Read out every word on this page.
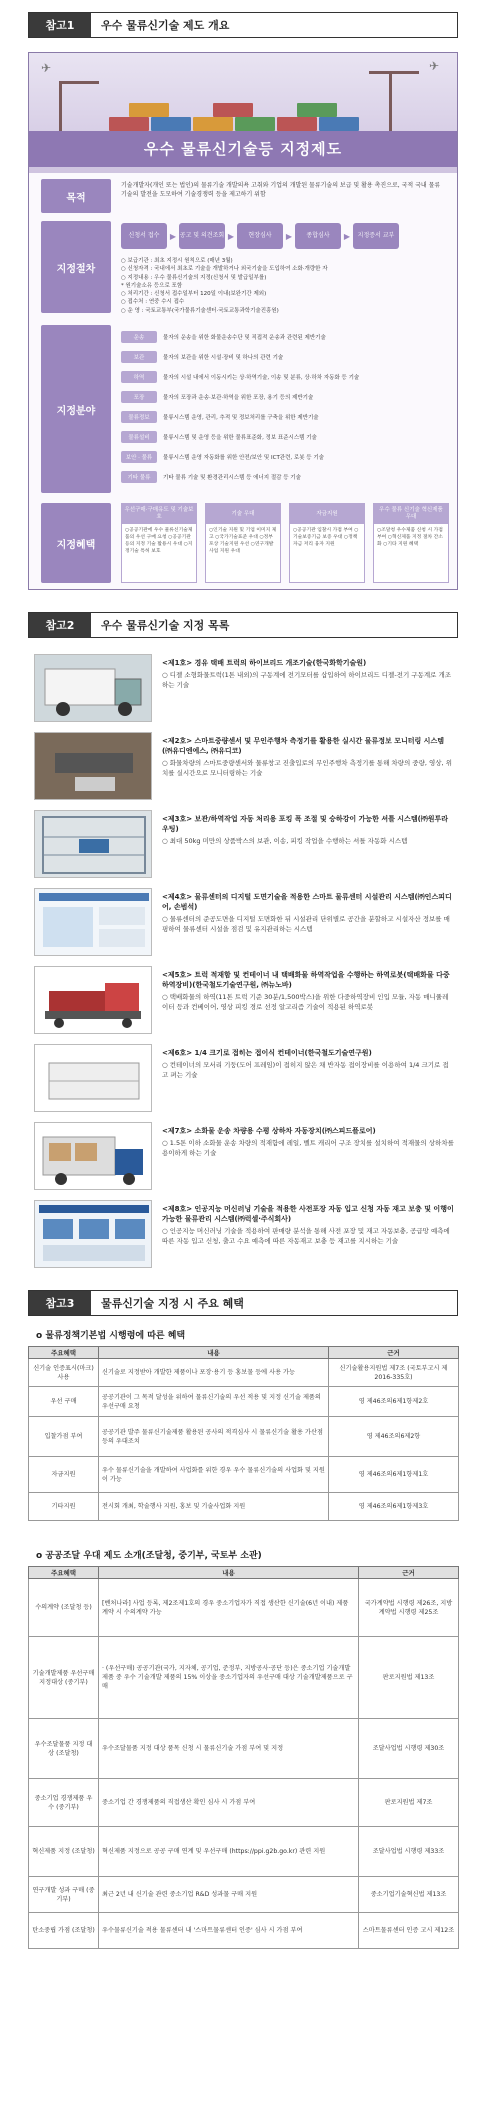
참고1	우수 물류신기술 제도 개요
✈	✈
우수 물류신기술등 지정제도
목적
기술개발자(개인 또는 법인)의 물류기술 개발의욕 고취와 기업의 개발된 물류기술의 보급 및 활용 촉진으로, 국적 국내 물류 기술의 발전을 도모하여 기술경쟁력 등을 제고하기 위함
지정절차
신청서 접수	▶ 공고 및 의견조회 ▶	현장심사	▶	종합심사	▶	지정증서 교부
○ 보급기관 : 최초 지정시 원칙으로 (매년 3월)
○ 신청자격 : 국내에서 최초로 기술을 개발하거나 외국기술을 도입하여 소화·개량한 자
○ 지정내용 : 우수 물류신기술의 지정(신청서 및 발급일부를)
* 원기술소유 등으로 포함
○ 처리기간 : 신청서 접수일부터 120일 이내(보완기간 제외)
○ 접수처 : 연중 수시 접수
○ 운 영 : 국토교통부(국가물류기술센터·국토교통과학기술진흥원)
지정분야
운송	물자의 운송을 위한 화물운송수단 및 직접적 운송과 관련된 제반기술
보관	물자의 보관을 위한 시설·장비 및 하나의 관련 기술
하역	물자의 시설 내에서 이동시키는 상·하역기술, 이송 및 분류, 상·하차 자동화 등 기술
포장	물자의 포장과 운송·보관·하역을 위한 포장, 용기 등의 제반기술
물류정보	물류시스템 운영, 관리, 추적 및 정보처리를 구축을 위한 제반기술
물류설비	물류시스템 및 운영 등을 위한 물류표준화, 정보 표준시스템 기술
보안 · 물류	물류시스템 운영 자동화를 위한 안전/보안 및 ICT관련, 로봇 등 기술
기타 물류	기타 물류 기술 및 환경관리시스템 등 에너지 절감 등 기술
지정혜택
우선구매·구매유도 및 기술보호
○공공기관에 우수 물류신기술제품의 우선 구매 요청 ○공공기관 등의 지정 기술 활용시 우대 ○지정기술 특허 보호
기술 우대
○인기술 지원 및 기업 이미지 제고 ○국가기술표준 우대 ○정부포상 기술지원 우선 ○연구개발 사업 지원 우대
자금지원
○공공기관 입찰시 가점 부여 ○기술보증기금 보증 우대 ○정책자금 저리 융자 지원
우수 물류 신기술 혁신제품 우대
○조달청 우수제품 신청 시 가점 부여 ○혁신제품 지정 절차 간소화 ○기타 지원 혜택
참고2	우수 물류신기술 지정 목록
<제1호> 경유 택배 트럭의 하이브리드 개조기술(한국화학기술원)
○ 디젤 소형화물트럭(1톤 내외)의 구동계에 전기모터를 삽입하여 하이브리드 디젤-전기 구동계로 개조하는 기술
<제2호> 스마트중량센서 및 무인주행차 측정기를 활용한 실시간 물류정보 모니터링 시스템(㈜유디엔에스, ㈜유디코)
○ 화물차량의 스마트중량센서와 물류창고 진출입로의 무인주행차 측정기를 통해 차량의 중량, 영상, 위치를 실시간으로 모니터링하는 기술
<제3호> 보관/하역작업 자동 처리용 포킹 폭 조절 및 승하강이 가능한 셔틀 시스템(㈜원투라우팅)
○ 최대 50kg 미만의 상품박스의 보관, 이송, 피킹 작업을 수행하는 셔틀 자동화 시스템
<제4호> 물류센터의 디지털 도면기술을 적용한 스마트 물류센터 시설관리 시스템(㈜인스피디어, 손범석)
○ 물류센터의 준공도면을 디지털 도면화한 뒤 시설관리 단위별로 공간을 분할하고 시설자산 정보를 매핑하여 물류센터 시설을 점검 및 유지관리하는 시스템
<제5호> 트럭 적재함 및 컨테이너 내 택배화물 하역작업을 수행하는 하역로봇(택배화물 다중하역장비)(한국철도기술연구원, ㈜뉴노바)
○ 택배화물의 하역(11톤 트럭 기준 30분/1,500박스)을 위한 다중하역장비 인입 모듈, 자동 매니퓰레이터 등과 컨베이어, 영상 피킹 경로 선정 알고리즘 기술이 적용된 하역로봇
<제6호> 1/4 크기로 접히는 접이식 컨테이너(한국철도기술연구원)
○ 컨테이너의 모서리 기둥(도어 프레임)이 접히지 않은 채 반자동 접이장비를 이용하여 1/4 크기로 접고 펴는 기술
<제7호> 소화물 운송 차량용 수평 상하차 자동장치(㈜스피드플로어)
○ 1.5톤 이하 소화물 운송 차량의 적재함에 레일, 벨트 캐리어 구조 장치를 설치하여 적재물의 상하차를 용이하게 하는 기술
<제8호> 인공지능 머신러닝 기술을 적용한 사전포장 자동 입고 신청 자동 재고 보충 및 이행이 가능한 물류관리 시스템(㈜럭셀·주식회사)
○ 인공지능 머신러닝 기술을 적용하여 판매량 분석을 통해 사전 포장 및 재고 자동보충, 공급망 예측에 따른 자동 입고 신청, 출고 수요 예측에 따른 자동재고 보충 등 재고를 지시하는 기술
참고3	물류신기술 지정 시 주요 혜택
o 물류정책기본법 시행령에 따른 혜택
주요혜택	내용	근거
신기술 인증표시(마크) 사용	신기술로 지정받아 개발한 제품이나 포장·용기 등 홍보물 등에 사용 가능	신기술활용지원법 제7조 (국토부고시 제2016-335호)
우선 구매	공공기관이 그 목적 달성을 위하여 물류신기술의 우선 적용 및 지정 신기술 제품의 우선구매 요청	영 제46조의6제1항제2호
입찰가점 부여	공공기관 발주 물류신기술제품 활용된 공사의 적격심사 시 물류신기술 활용 가산점 등의 우대조치	영 제46조의6제2항
자금지원	우수 물류신기술을 개발하여 사업화를 위한 경우 우수 물류신기술의 사업화 및 지원이 가능	영 제46조의6제1항제1호
기타지원	전시회 개최, 학술행사 지원, 홍보 및 기술사업화 지원	영 제46조의6제1항제3호
o 공공조달 우대 제도 소개(조달청, 중기부, 국토부 소관)
주요혜택	내용	근거
수의계약 (조달청 등)	[벤처나라] 사업 등록, 제2조제1호의 경우 중소기업자가 직접 생산한 신기술(6년 이내) 제품 계약 시 수의계약 가능	국가계약법 시행령 제26조, 지방계약법 시행령 제25조
기술개발제품 우선구매 지정대상 (중기부)	· (우선구매) 공공기관(국가, 지자체, 공기업, 준정부, 지방공사·공단 등)은 중소기업 기술개발제품 중 우수 기술개발 제품의 15% 이상을 중소기업자의 우선구매 대상 기술개발제품으로 구매	판로지원법 제13조
우수조달물품 지정 대상 (조달청)	우수조달물품 지정 대상 품목 신청 시 물류신기술 가점 부여 및 지정	조달사업법 시행령 제30조
중소기업 경쟁제품 우수 (중기부)	중소기업 간 경쟁제품의 직접생산 확인 심사 시 가점 부여	판로지원법 제7조
혁신제품 지정 (조달청)	혁신제품 지정으로 공공 구매 연계 및 우선구매 (https://ppi.g2b.go.kr) 관련 지원	조달사업법 시행령 제33조
연구개발 성과 구매 (중기부)	최근 2년 내 신기술 관련 중소기업 R&D 성과물 구매 지원	중소기업기술혁신법 제13조
탄소중립 가점 (조달청)	우수물류신기술 적용 물류센터 내 '스마트물류센터 인증' 심사 시 가점 부여	스마트물류센터 인증 고시 제12조
